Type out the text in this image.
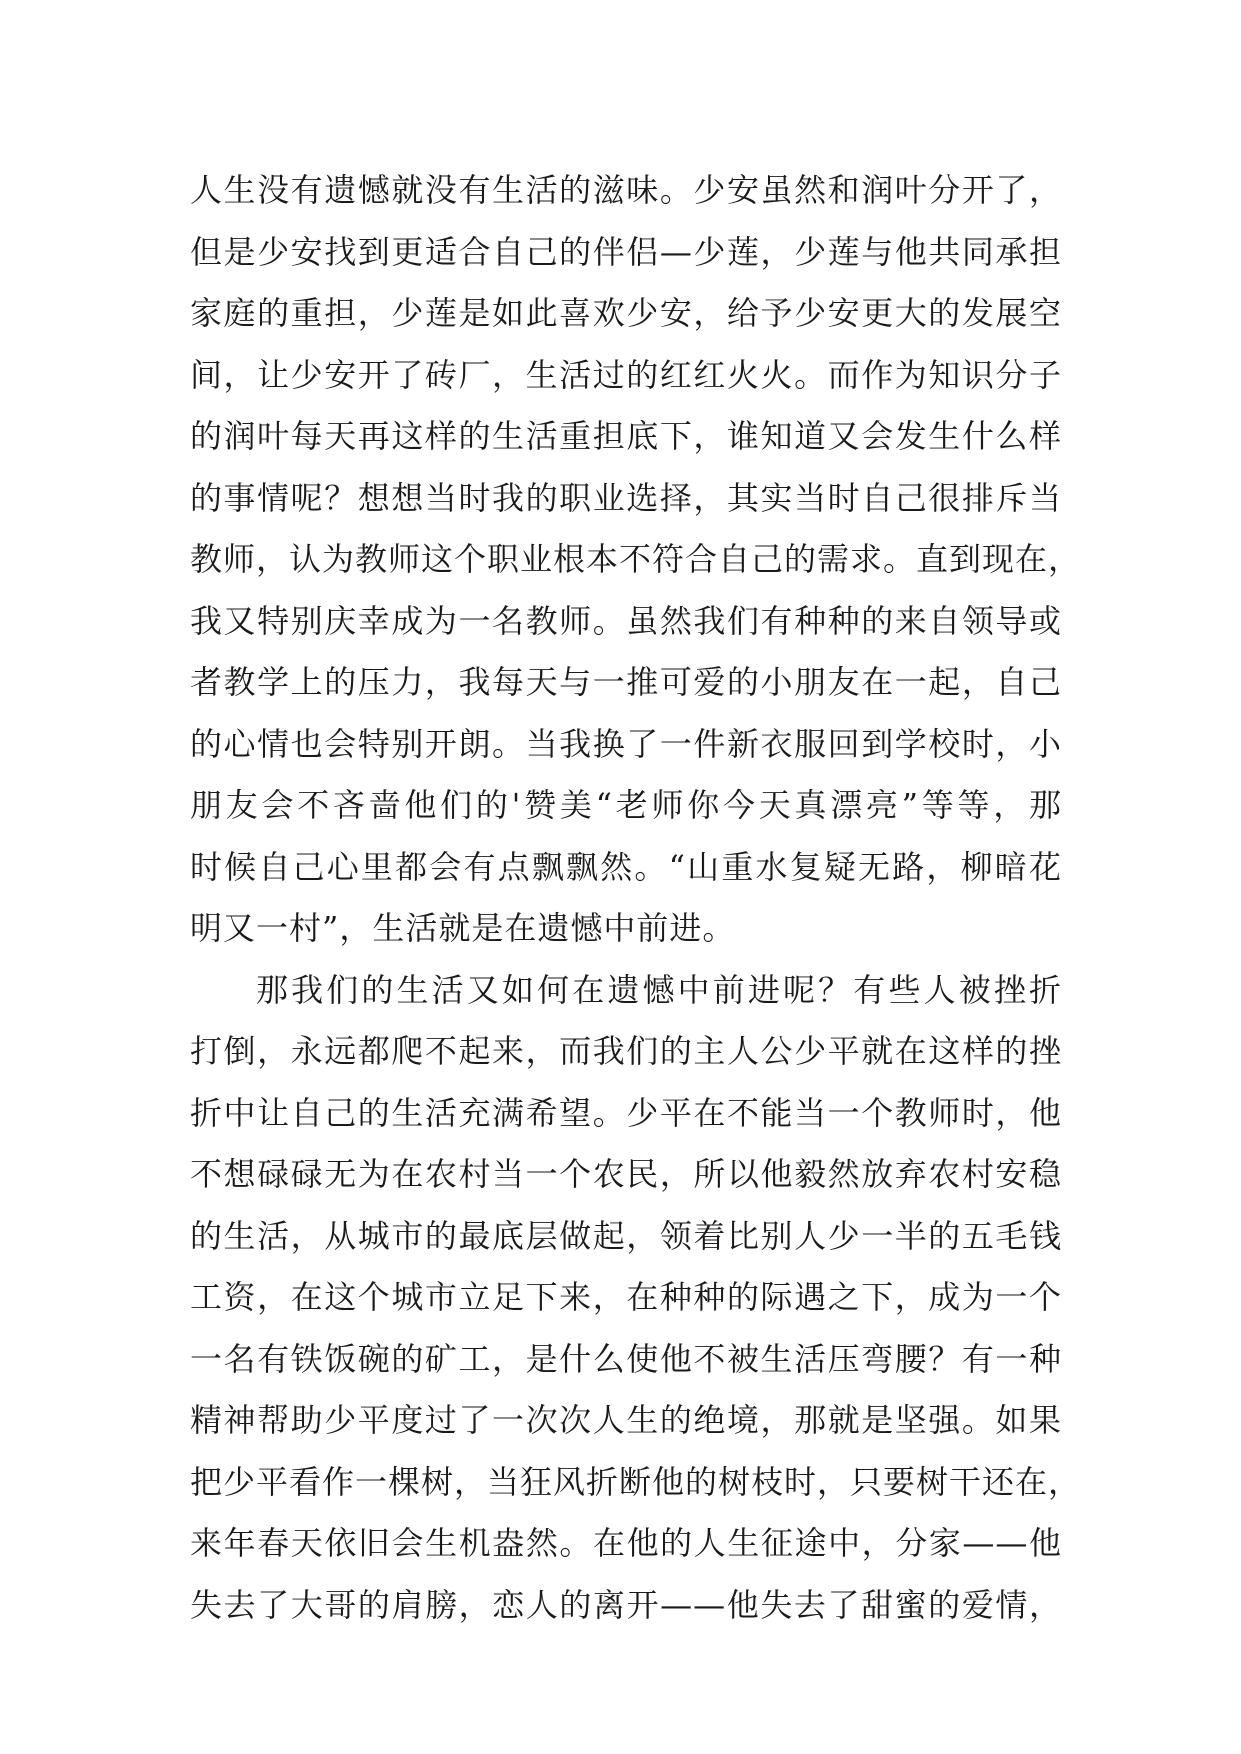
人生没有遗憾就没有生活的滋味。少安虽然和润叶分开了，
但是少安找到更适合自己的伴侣—少莲，少莲与他共同承担
家庭的重担，少莲是如此喜欢少安，给予少安更大的发展空
间，让少安开了砖厂，生活过的红红火火。而作为知识分子
的润叶每天再这样的生活重担底下，谁知道又会发生什么样
的事情呢？想想当时我的职业选择，其实当时自己很排斥当
教师，认为教师这个职业根本不符合自己的需求。直到现在，
我又特别庆幸成为一名教师。虽然我们有种种的来自领导或
者教学上的压力，我每天与一推可爱的小朋友在一起，自己
的心情也会特别开朗。当我换了一件新衣服回到学校时，小
朋友会不吝啬他们的'赞美“老师你今天真漂亮”等等，那
时候自己心里都会有点飘飘然。“山重水复疑无路，柳暗花
明又一村”，生活就是在遗憾中前进。
那我们的生活又如何在遗憾中前进呢？有些人被挫折
打倒，永远都爬不起来，而我们的主人公少平就在这样的挫
折中让自己的生活充满希望。少平在不能当一个教师时，他
不想碌碌无为在农村当一个农民，所以他毅然放弃农村安稳
的生活，从城市的最底层做起，领着比别人少一半的五毛钱
工资，在这个城市立足下来，在种种的际遇之下，成为一个
一名有铁饭碗的矿工，是什么使他不被生活压弯腰？有一种
精神帮助少平度过了一次次人生的绝境，那就是坚强。如果
把少平看作一棵树，当狂风折断他的树枝时，只要树干还在，
来年春天依旧会生机盎然。在他的人生征途中，分家——他
失去了大哥的肩膀，恋人的离开——他失去了甜蜜的爱情，
